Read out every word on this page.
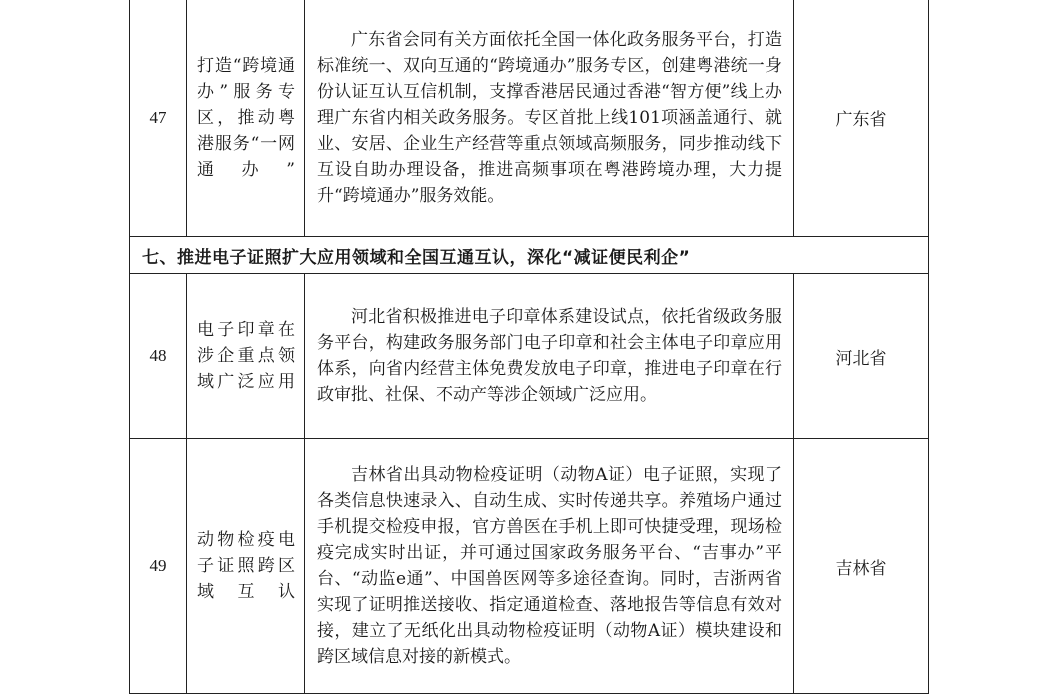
47	打造“跨境通办”服务专区，推动粤港服务“一网通办”	广东省会同有关方面依托全国一体化政务服务平台，打造标准统一、双向互通的“跨境通办”服务专区，创建粤港统一身份认证互认互信机制，支撑香港居民通过香港“智方便”线上办理广东省内相关政务服务。专区首批上线101项涵盖通行、就业、安居、企业生产经营等重点领域高频服务，同步推动线下互设自助办理设备，推进高频事项在粤港跨境办理，大力提升“跨境通办”服务效能。	广东省
七、推进电子证照扩大应用领域和全国互通互认，深化“减证便民利企”			
48	电子印章在涉企重点领域广泛应用	河北省积极推进电子印章体系建设试点，依托省级政务服务平台，构建政务服务部门电子印章和社会主体电子印章应用体系，向省内经营主体免费发放电子印章，推进电子印章在行政审批、社保、不动产等涉企领域广泛应用。	河北省
49	动物检疫电子证照跨区域互认	吉林省出具动物检疫证明（动物A证）电子证照，实现了各类信息快速录入、自动生成、实时传递共享。养殖场户通过手机提交检疫申报，官方兽医在手机上即可快捷受理，现场检疫完成实时出证，并可通过国家政务服务平台、“吉事办”平台、“动监e通”、中国兽医网等多途径查询。同时，吉浙两省实现了证明推送接收、指定通道检查、落地报告等信息有效对接，建立了无纸化出具动物检疫证明（动物A证）模块建设和跨区域信息对接的新模式。	吉林省
